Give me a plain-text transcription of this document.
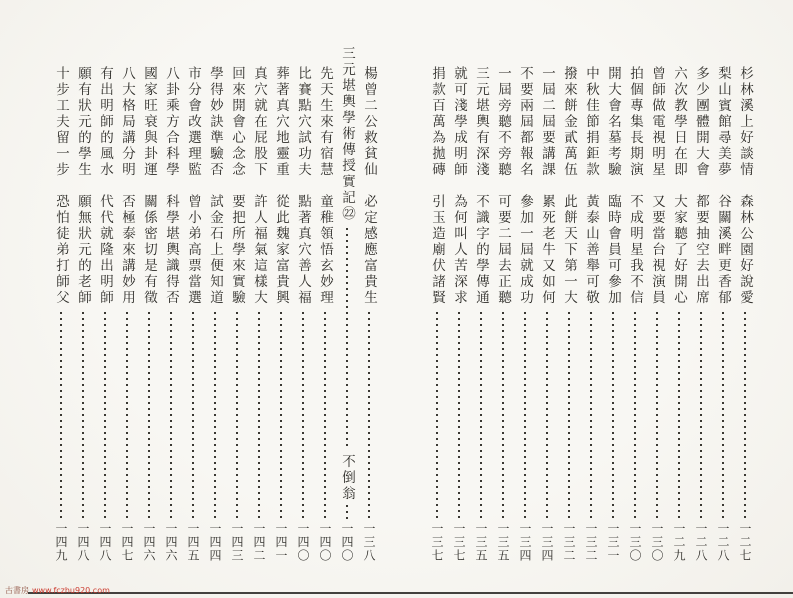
杉林溪上好談情　森林公園好說愛
一二七
梨山賓館尋美夢　谷關溪畔更香郁
一二八
多少團體開大會　都要抽空去出席
一二八
六次教學日在即　大家聽了好開心
一二九
曾師做電視明星　又要當台視演員
一三〇
拍個專集長期演　不成明星我不信
一三〇
開大會名墓考驗　臨時會員可參加
一三一
中秋佳節捐鉅款　黃泰山善舉可敬
一三二
撥來餅金貳萬伍　此餅天下第一大
一三二
一屆二屆要講課　累死老牛又如何
一三四
不要兩屆都報名　參加一屆就成功
一三四
一屆旁聽不旁聽　可要二屆去正聽
一三五
三元堪輿有深淺　不識字的學傳通
一三五
就可淺學成明師　為何叫人苦深求
一三七
捐款百萬為拋磚　引玉造廟伏諸賢
一三七
楊曾二公救貧仙　必定感應富貴生
一三八
三元堪輿學術傳授實記㉒
不倒翁
一四〇
先天生來有宿慧　童稚領悟玄妙理
一四〇
比賽點穴試功夫　點著真穴善人福
一四〇
葬著真穴地靈重　從此魏家富貴興
一四一
真穴就在屁股下　許人福氣這樣大
一四二
回來開會心念念　要把所學來實驗
一四三
學得妙訣準驗否　試金石上便知道
一四四
市分會改選理監　曾小弟高票當選
一四五
八卦乘方合科學　科學堪輿識得否
一四六
國家旺衰與卦運　關係密切是有徵
一四六
八大格局講分明　否極泰來講妙用
一四七
有出明師的風水　代代就隆出明師
一四八
願有狀元的學生　願無狀元的老師
一四八
十步工夫留一步　恐怕徒弟打師父
一四九
古書房 www.fczhu920.com
